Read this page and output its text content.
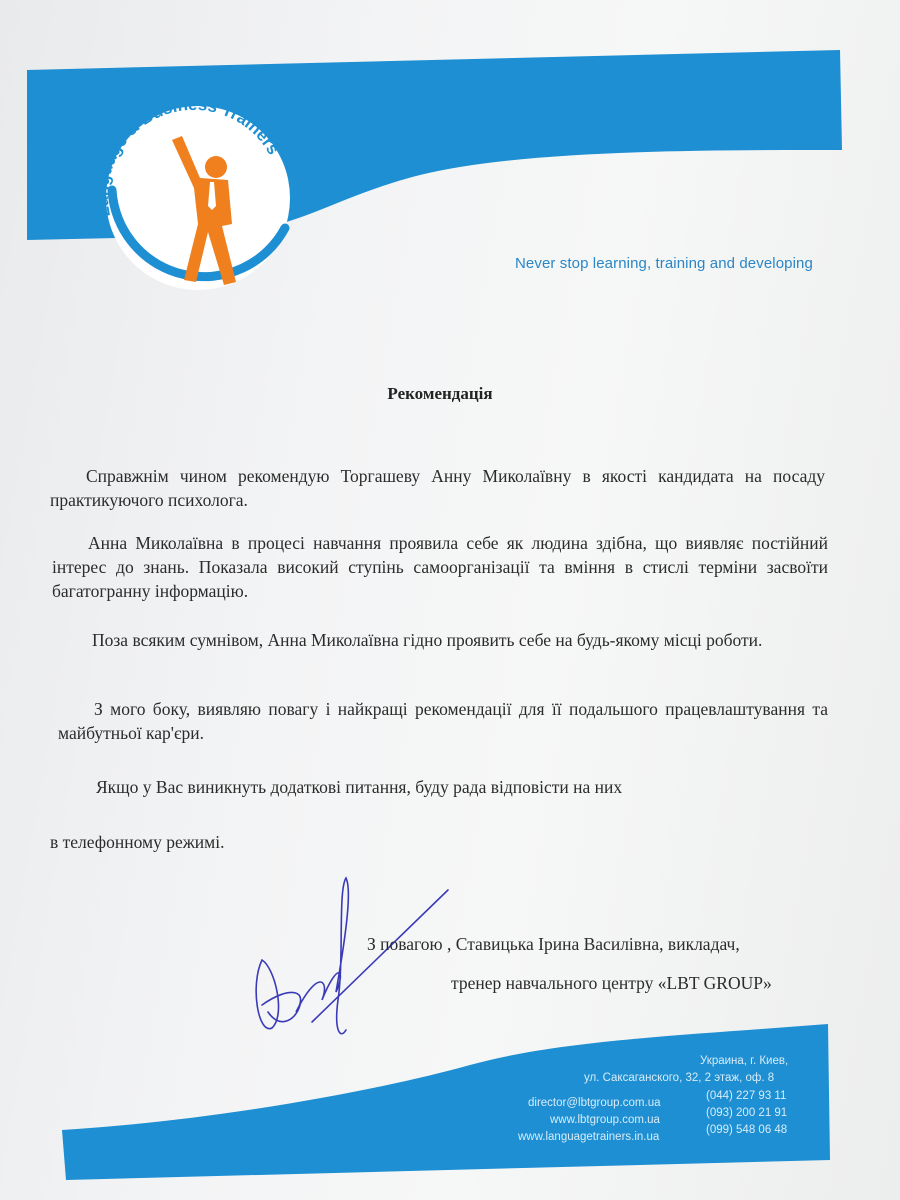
Language & Business Trainers
Never stop learning, training and developing
Рекомендація
Справжнім чином рекомендую Торгашеву Анну Миколаївну в якості кандидата на посаду практикуючого психолога.
Анна Миколаївна в процесі навчання проявила себе як людина здібна, що виявляє постійний інтерес до знань. Показала високий ступінь самоорганізації та вміння в стислі терміни засвоїти багатогранну інформацію.
Поза всяким сумнівом, Анна Миколаївна гідно проявить себе на будь-якому місці роботи.
З мого боку, виявляю повагу і найкращі рекомендації для її подальшого працевлаштування та майбутньої кар'єри.
Якщо у Вас виникнуть додаткові питання, буду рада відповісти на них
в телефонному режимі.
З повагою , Ставицька Ірина Василівна, викладач,
тренер навчального центру «LBT GROUP»
Украина, г. Киев,
ул. Саксаганского, 32, 2 этаж, оф. 8
director@lbtgroup.com.ua
www.lbtgroup.com.ua
www.languagetrainers.in.ua
(044) 227 93 11
(093) 200 21 91
(099) 548 06 48
